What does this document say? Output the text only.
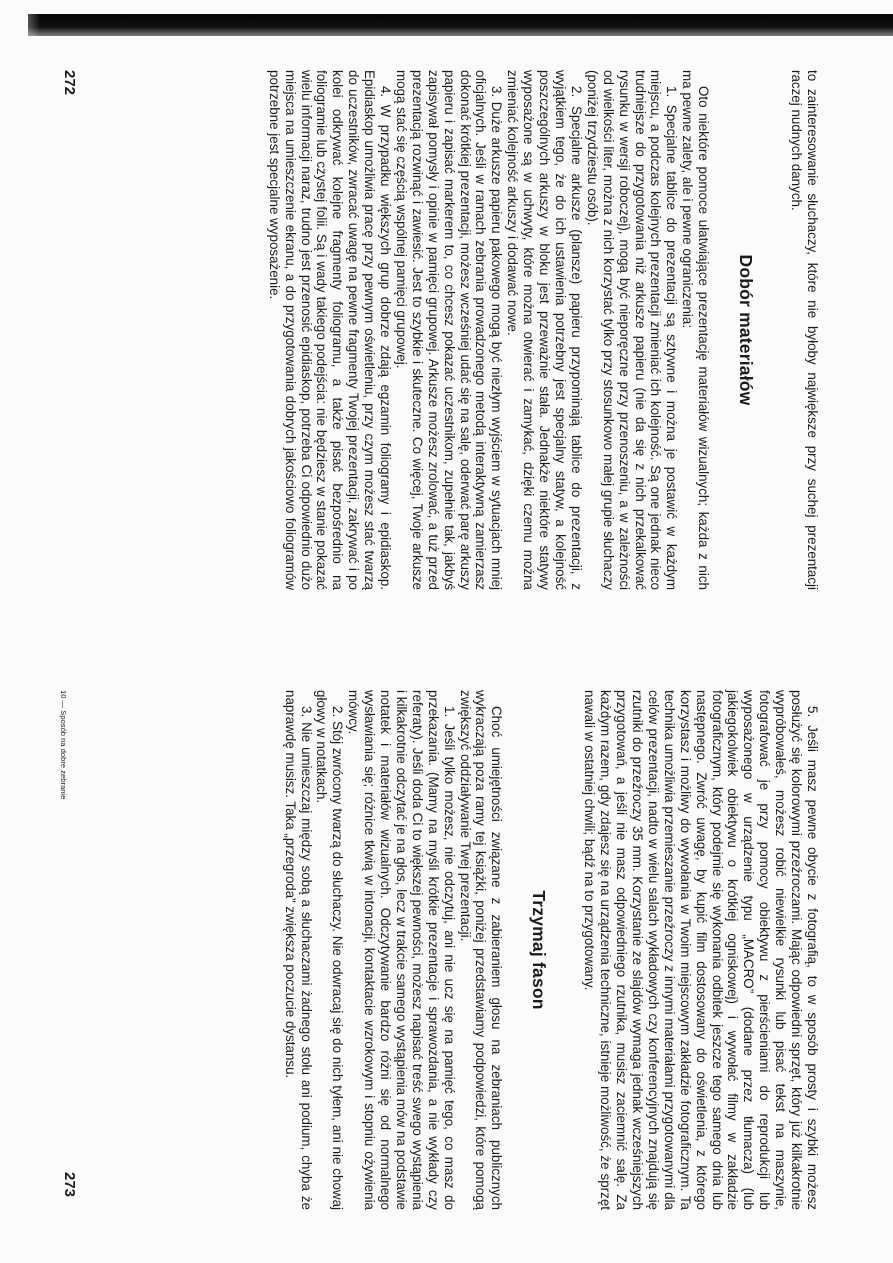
to zainteresowanie słuchaczy, które nie byłoby największe przy suchej prezentacji raczej nudnych danych.

Dobór materiałów

Oto niektóre pomoce ułatwiające prezentację materiałów wizualnych; każda z nich ma pewne zalety, ale i pewne ograniczenia:

1. Specjalne tablice do prezentacji są sztywne i można je postawić w każdym miejscu, a podczas kolejnych prezentacji zmieniać ich kolejność. Są one jednak nieco trudniejsze do przygotowania niż arkusze papieru (nie da się z nich przekalkować rysunku w wersji roboczej), mogą być nieporęczne przy przenoszeniu, a w zależności od wielkości liter, można z nich korzystać tylko przy stosunkowo małej grupie słuchaczy (poniżej trzydziestu osób).

2. Specjalne arkusze (plansze) papieru przypominają tablice do prezentacji, z wyjątkiem tego, że do ich ustawienia potrzebny jest specjalny statyw, a kolejność poszczególnych arkuszy w bloku jest przeważnie stała. Jednakże niektóre statywy wyposażone są w uchwyty, które można otwierać i zamykać, dzięki czemu można zmieniać kolejność arkuszy i dodawać nowe.

3. Duże arkusze papieru pakowego mogą być niezłym wyjściem w sytuacjach mniej oficjalnych. Jeśli w ramach zebrania prowadzonego metodą interaktywną zamierzasz dokonać krótkiej prezentacji, możesz wcześniej udać się na salę, oderwać parę arkuszy papieru i zapisać markerem to, co chcesz pokazać uczestnikom, zupełnie tak, jakbyś zapisywał pomysły i opinie w pamięci grupowej. Arkusze możesz zrolować, a tuż przed prezentacją rozwinąć i zawiesić. Jest to szybkie i skuteczne. Co więcej, Twoje arkusze mogą stać się częścią wspólnej pamięci grupowej.

4. W przypadku większych grup dobrze zdają egzamin foliogramy i epidiaskop. Epidiaskop umożliwia pracę przy pewnym oświetleniu, przy czym możesz stać twarzą do uczestników, zwracać uwagę na pewne fragmenty Twojej prezentacji, zakrywać i po kolei odkrywać kolejne fragmenty foliogramu, a także pisać bezpośrednio na foliogramie lub czystej folii. Są i wady takiego podejścia: nie będziesz w stanie pokazać wielu informacji naraz, trudno jest przenosić epidiaskop, potrzeba Ci odpowiednio dużo miejsca na umieszczenie ekranu, a do przygotowania dobrych jakościowo foliogramów potrzebne jest specjalne wyposażenie.

272

5. Jeśli masz pewne obycie z fotografią, to w sposób prosty i szybki możesz posłużyć się kolorowymi przeźroczami. Mając odpowiedni sprzęt, który już kilkakrotnie wypróbowałeś, możesz robić niewielkie rysunki lub pisać tekst na maszynie, fotografować je przy pomocy obiektywu z pierścieniami do reprodukcji lub wyposażonego w urządzenie typu „MACRO” (dodane przez tłumacza) (lub jakiegokolwiek obiektywu o krótkiej ogniskowej) i wywołać filmy w zakładzie fotograficznym, który podejmie się wykonania odbitek jeszcze tego samego dnia lub następnego. Zwróć uwagę, by kupić film dostosowany do oświetlenia, z którego korzystasz i możliwy do wywołania w Twoim miejscowym zakładzie fotograficznym. Ta technika umożliwia przemieszanie przeźroczy z innymi materiałami przygotowanymi dla celów prezentacji, nadto w wielu salach wykładowych czy konferencyjnych znajdują się rzutniki do przeźroczy 35 mm. Korzystanie ze slajdów wymaga jednak wcześniejszych przygotowań, a jeśli nie masz odpowiedniego rzutnika, musisz zaciemnić salę. Za każdym razem, gdy zdajesz się na urządzenia techniczne, istnieje możliwość, że sprzęt nawali w ostatniej chwili; bądź na to przygotowany.

Trzymaj fason

Choć umiejętności związane z zabieraniem głosu na zebraniach publicznych wykraczają poza ramy tej książki, poniżej przedstawiamy podpowiedzi, które pomogą zwiększyć oddziaływanie Twej prezentacji.

1. Jeśli tylko możesz, nie odczytuj, ani nie ucz się na pamięć tego, co masz do przekazania. (Mamy na myśli krótkie prezentacje i sprawozdania, a nie wykłady czy referaty). Jeśli doda Ci to większej pewności, możesz napisać treść swego wystąpienia i kilkakrotnie odczytać je na głos, lecz w trakcie samego wystąpienia mów na podstawie notatek i materiałów wizualnych. Odczytywanie bardzo różni się od normalnego wysławiania się; różnice tkwią w intonacji, kontaktacie wzrokowym i stopniu ożywienia mówcy.

2. Stój zwrócony twarzą do słuchaczy. Nie odwracaj się do nich tyłem, ani nie chowaj głowy w notatkach.

3. Nie umieszczaj między sobą a słuchaczami żadnego stołu ani podium, chyba że naprawdę musisz. Taka „przegroda” zwiększa poczucie dystansu.

10 — Sposób na dobre zebranie
273
